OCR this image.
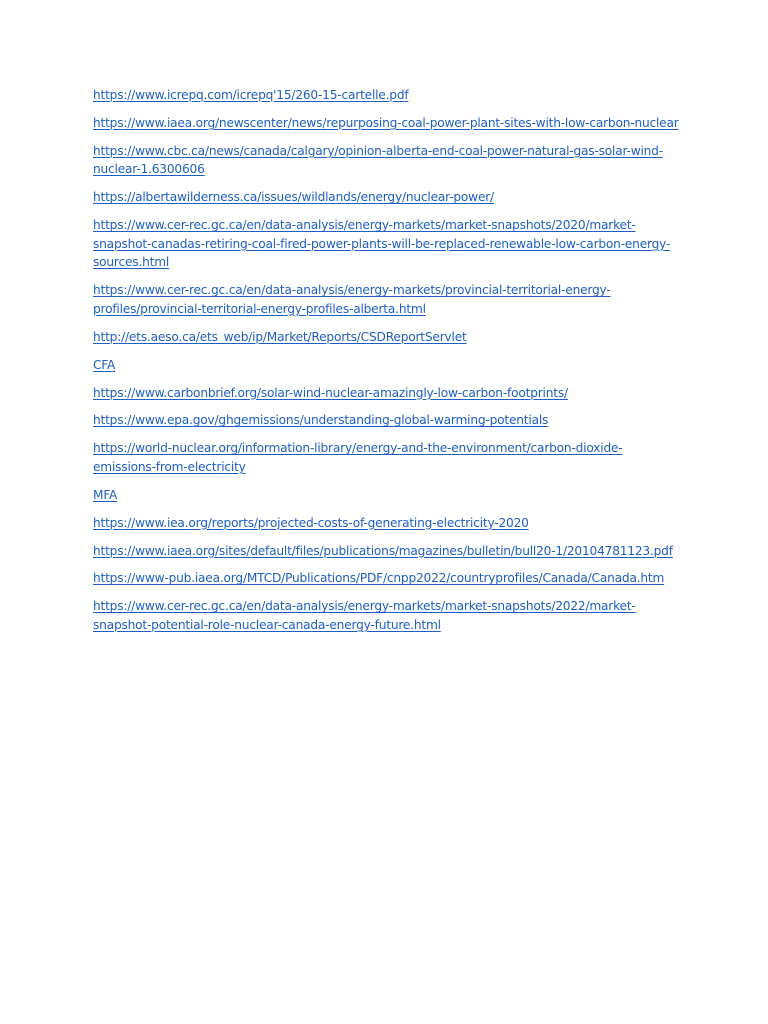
https://www.icrepq.com/icrepq'15/260-15-cartelle.pdf
https://www.iaea.org/newscenter/news/repurposing-coal-power-plant-sites-with-low-carbon-nuclear
https://www.cbc.ca/news/canada/calgary/opinion-alberta-end-coal-power-natural-gas-solar-wind-nuclear-1.6300606
https://albertawilderness.ca/issues/wildlands/energy/nuclear-power/
https://www.cer-rec.gc.ca/en/data-analysis/energy-markets/market-snapshots/2020/market-snapshot-canadas-retiring-coal-fired-power-plants-will-be-replaced-renewable-low-carbon-energy-sources.html
https://www.cer-rec.gc.ca/en/data-analysis/energy-markets/provincial-territorial-energy-profiles/provincial-territorial-energy-profiles-alberta.html
http://ets.aeso.ca/ets_web/ip/Market/Reports/CSDReportServlet
CFA
https://www.carbonbrief.org/solar-wind-nuclear-amazingly-low-carbon-footprints/
https://www.epa.gov/ghgemissions/understanding-global-warming-potentials
https://world-nuclear.org/information-library/energy-and-the-environment/carbon-dioxide-emissions-from-electricity
MFA
https://www.iea.org/reports/projected-costs-of-generating-electricity-2020
https://www.iaea.org/sites/default/files/publications/magazines/bulletin/bull20-1/20104781123.pdf
https://www-pub.iaea.org/MTCD/Publications/PDF/cnpp2022/countryprofiles/Canada/Canada.htm
https://www.cer-rec.gc.ca/en/data-analysis/energy-markets/market-snapshots/2022/market-snapshot-potential-role-nuclear-canada-energy-future.html
